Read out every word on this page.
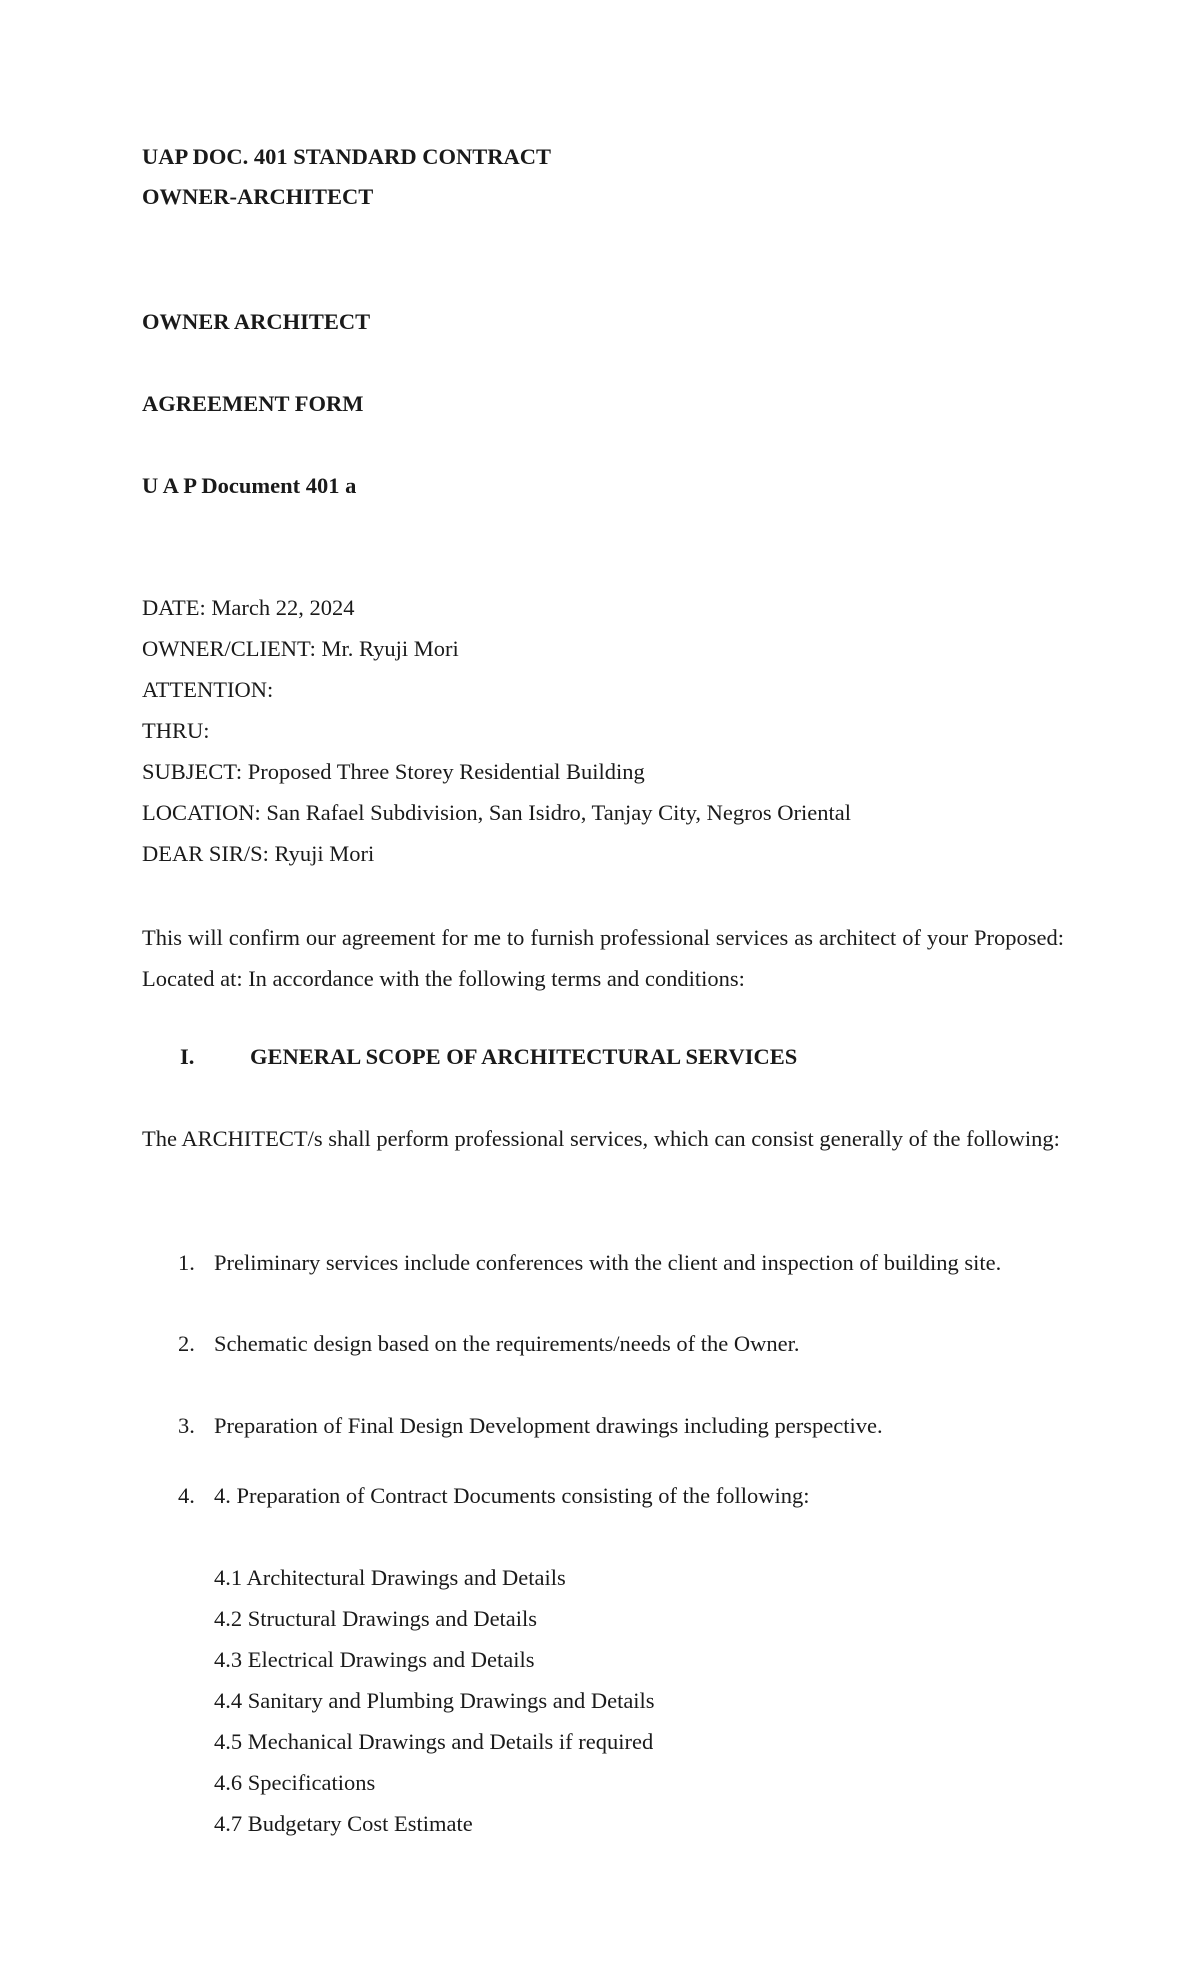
UAP DOC. 401 STANDARD CONTRACT
OWNER-ARCHITECT
OWNER ARCHITECT
AGREEMENT FORM
U A P Document 401 a
DATE: March 22, 2024
OWNER/CLIENT: Mr. Ryuji Mori
ATTENTION:
THRU:
SUBJECT: Proposed Three Storey Residential Building
LOCATION: San Rafael Subdivision, San Isidro, Tanjay City, Negros Oriental
DEAR SIR/S: Ryuji Mori
This will confirm our agreement for me to furnish professional services as architect of your Proposed: Located at: In accordance with the following terms and conditions:
I. GENERAL SCOPE OF ARCHITECTURAL SERVICES
The ARCHITECT/s shall perform professional services, which can consist generally of the following:
1. Preliminary services include conferences with the client and inspection of building site.
2. Schematic design based on the requirements/needs of the Owner.
3. Preparation of Final Design Development drawings including perspective.
4. 4. Preparation of Contract Documents consisting of the following:
4.1 Architectural Drawings and Details
4.2 Structural Drawings and Details
4.3 Electrical Drawings and Details
4.4 Sanitary and Plumbing Drawings and Details
4.5 Mechanical Drawings and Details if required
4.6 Specifications
4.7 Budgetary Cost Estimate
